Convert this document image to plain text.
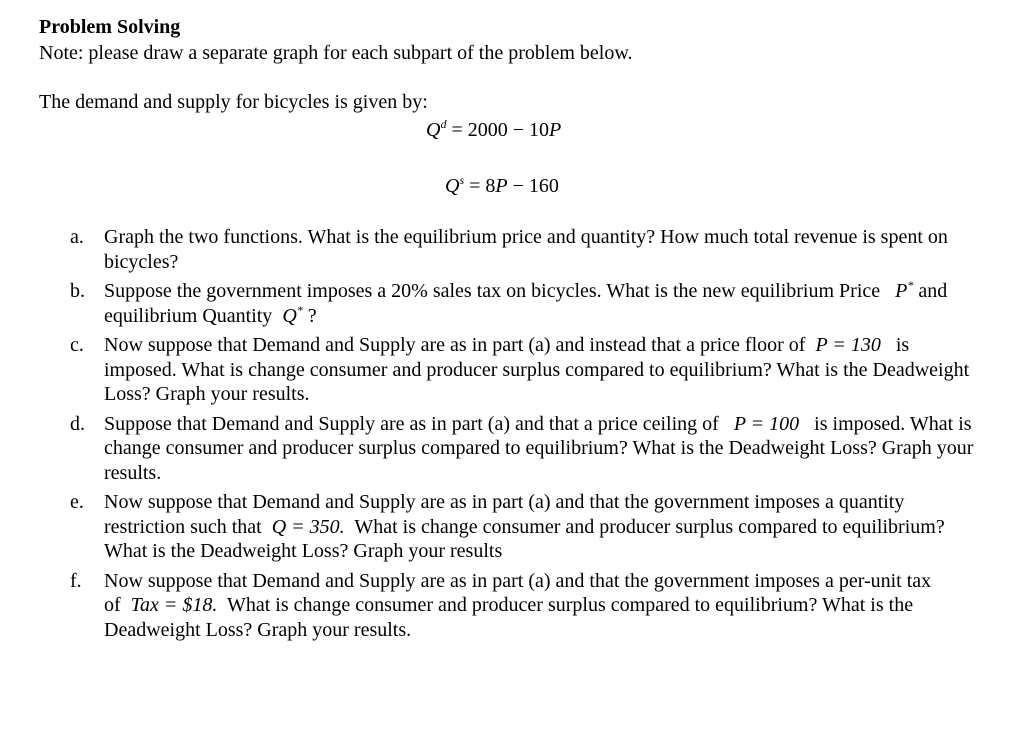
Problem Solving
Note: please draw a separate graph for each subpart of the problem below.
The demand and supply for bicycles is given by:
$Q^d = 2000 - 10P$
$Q^s = 8P - 160$
a. Graph the two functions. What is the equilibrium price and quantity? How much total revenue is spent on bicycles?
b. Suppose the government imposes a 20% sales tax on bicycles. What is the new equilibrium Price P* and equilibrium Quantity Q* ?
c. Now suppose that Demand and Supply are as in part (a) and instead that a price floor of P = 130 is imposed. What is change consumer and producer surplus compared to equilibrium? What is the Deadweight Loss? Graph your results.
d. Suppose that Demand and Supply are as in part (a) and that a price ceiling of P = 100 is imposed. What is change consumer and producer surplus compared to equilibrium? What is the Deadweight Loss? Graph your results.
e. Now suppose that Demand and Supply are as in part (a) and that the government imposes a quantity restriction such that Q = 350. What is change consumer and producer surplus compared to equilibrium? What is the Deadweight Loss? Graph your results
f. Now suppose that Demand and Supply are as in part (a) and that the government imposes a per-unit tax of Tax = $18. What is change consumer and producer surplus compared to equilibrium? What is the Deadweight Loss? Graph your results.
